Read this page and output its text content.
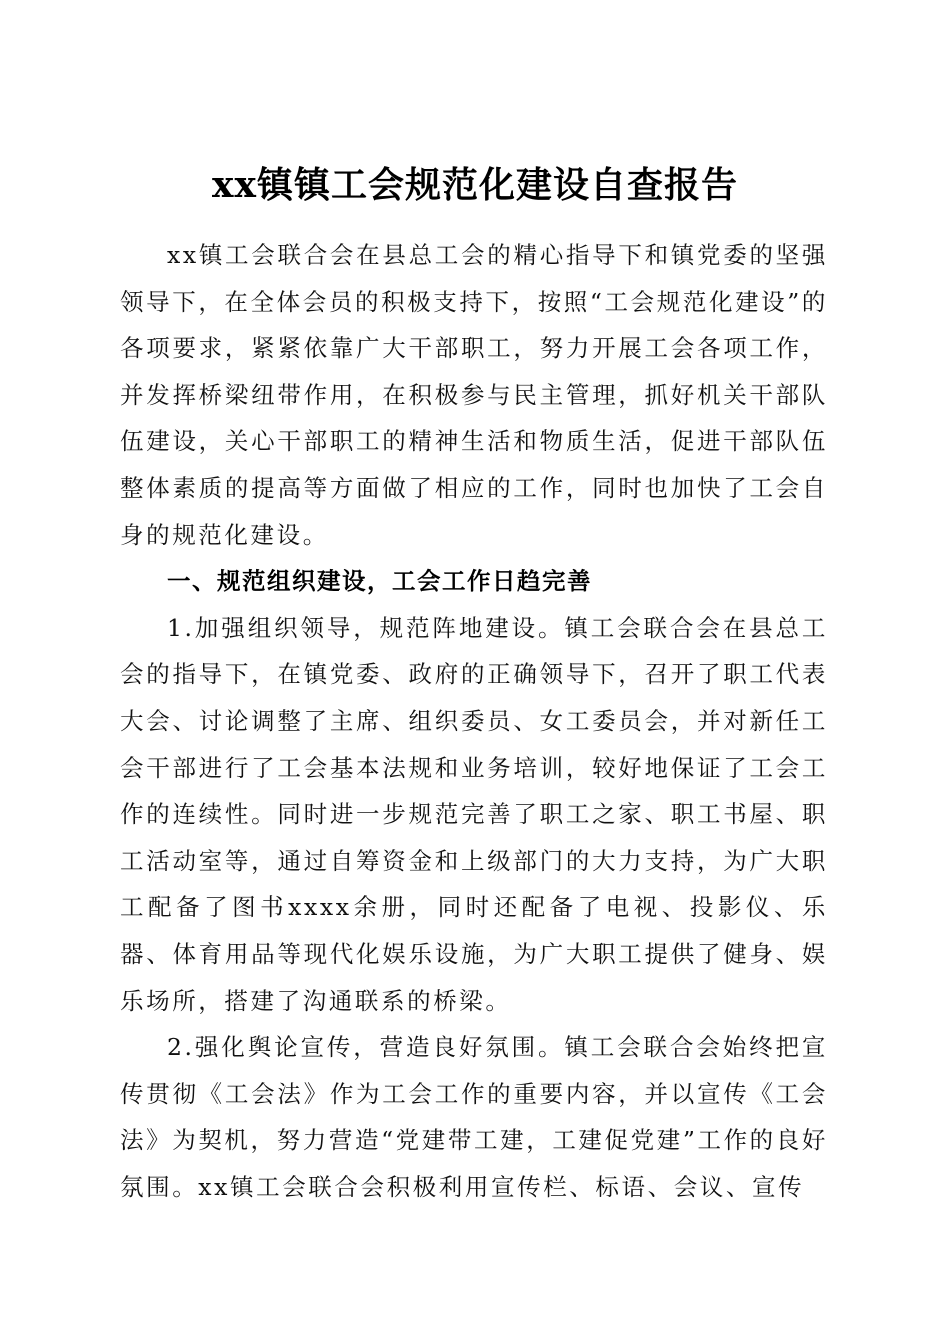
xx镇镇工会规范化建设自查报告

xx镇工会联合会在县总工会的精心指导下和镇党委的坚强领导下，在全体会员的积极支持下，按照“工会规范化建设”的各项要求，紧紧依靠广大干部职工，努力开展工会各项工作，并发挥桥梁纽带作用，在积极参与民主管理，抓好机关干部队伍建设，关心干部职工的精神生活和物质生活，促进干部队伍整体素质的提高等方面做了相应的工作，同时也加快了工会自身的规范化建设。

一、规范组织建设，工会工作日趋完善

1.加强组织领导，规范阵地建设。镇工会联合会在县总工会的指导下，在镇党委、政府的正确领导下，召开了职工代表大会、讨论调整了主席、组织委员、女工委员会，并对新任工会干部进行了工会基本法规和业务培训，较好地保证了工会工作的连续性。同时进一步规范完善了职工之家、职工书屋、职工活动室等，通过自筹资金和上级部门的大力支持，为广大职工配备了图书xxxx余册，同时还配备了电视、投影仪、乐器、体育用品等现代化娱乐设施，为广大职工提供了健身、娱乐场所，搭建了沟通联系的桥梁。

2.强化舆论宣传，营造良好氛围。镇工会联合会始终把宣传贯彻《工会法》作为工会工作的重要内容，并以宣传《工会法》为契机，努力营造“党建带工建，工建促党建”工作的良好氛围。xx镇工会联合会积极利用宣传栏、标语、会议、宣传
